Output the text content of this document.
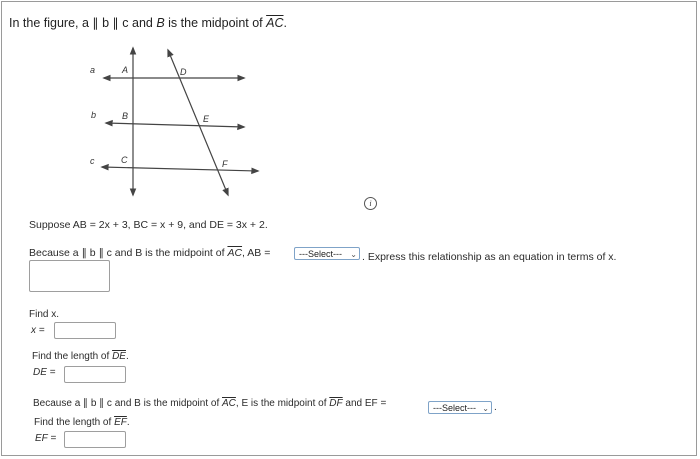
In the figure, a ∥ b ∥ c and B is the midpoint of $\overline{AC}$.
a
b
c
A
B
C
D
E
F
i
Suppose AB = 2x + 3, BC = x + 9, and DE = 3x + 2.
Because a ∥ b ∥ c and B is the midpoint of $\overline{AC}$, AB =	---Select--- ⌄ . Express this relationship as an equation in terms of x.
Find x.
x =
Find the length of $\overline{DE}$.
DE =
Because a ∥ b ∥ c and B is the midpoint of $\overline{AC}$, E is the midpoint of $\overline{DF}$ and EF =	---Select--- ⌄ .
Find the length of $\overline{EF}$.
EF =
